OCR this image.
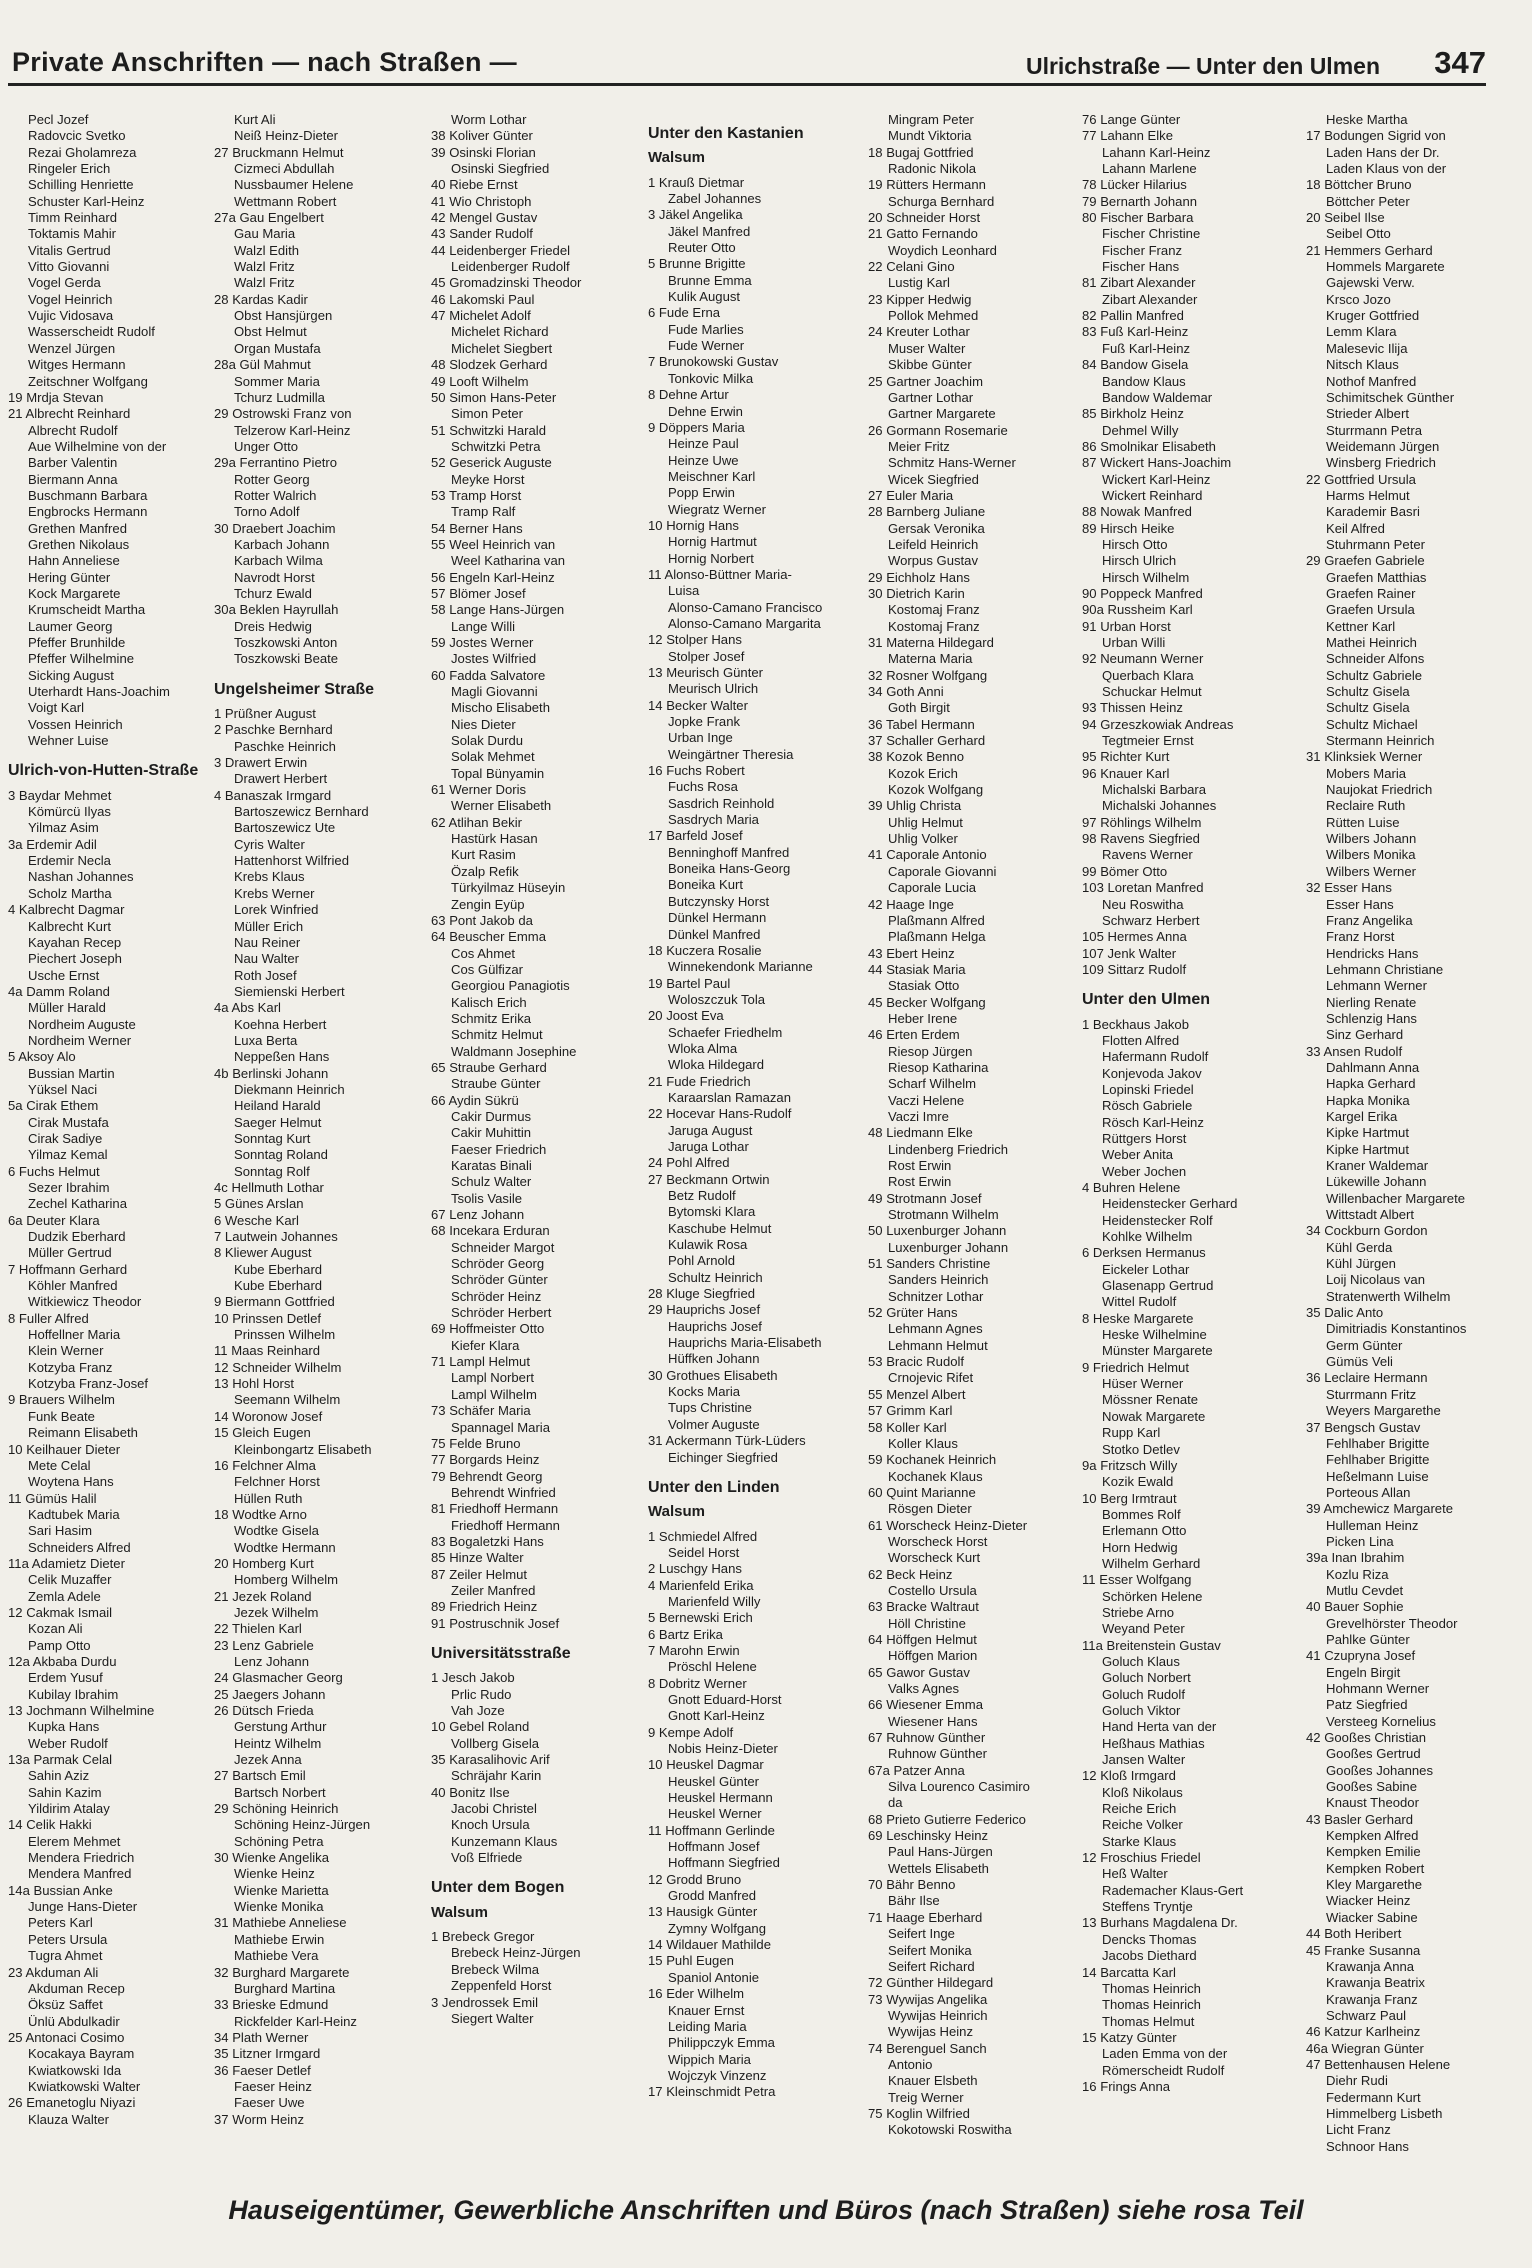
Private Anschriften — nach Straßen —	Ulrichstraße — Unter den Ulmen 347
Pecl Jozef
Radovcic Svetko
Rezai Gholamreza
Ringeler Erich
Schilling Henriette
Schuster Karl-Heinz
Timm Reinhard
Toktamis Mahir
Vitalis Gertrud
Vitto Giovanni
Vogel Gerda
Vogel Heinrich
Vujic Vidosava
Wasserscheidt Rudolf
Wenzel Jürgen
Witges Hermann
Zeitschner Wolfgang
19 Mrdja Stevan
21 Albrecht Reinhard
Albrecht Rudolf
Aue Wilhelmine von der
Barber Valentin
Biermann Anna
Buschmann Barbara
Engbrocks Hermann
Grethen Manfred
Grethen Nikolaus
Hahn Anneliese
Hering Günter
Kock Margarete
Krumscheidt Martha
Laumer Georg
Pfeffer Brunhilde
Pfeffer Wilhelmine
Sicking August
Uterhardt Hans-Joachim
Voigt Karl
Vossen Heinrich
Wehner Luise
Ulrich-von-Hutten-Straße
3 Baydar Mehmet
Kömürcü Ilyas
Yilmaz Asim
3a Erdemir Adil
Erdemir Necla
Nashan Johannes
Scholz Martha
4 Kalbrecht Dagmar
Kalbrecht Kurt
Kayahan Recep
Piechert Joseph
Usche Ernst
4a Damm Roland
Müller Harald
Nordheim Auguste
Nordheim Werner
5 Aksoy Alo
Bussian Martin
Yüksel Naci
5a Cirak Ethem
Cirak Mustafa
Cirak Sadiye
Yilmaz Kemal
6 Fuchs Helmut
Sezer Ibrahim
Zechel Katharina
6a Deuter Klara
Dudzik Eberhard
Müller Gertrud
7 Hoffmann Gerhard
Köhler Manfred
Witkiewicz Theodor
8 Fuller Alfred
Hoffellner Maria
Klein Werner
Kotzyba Franz
Kotzyba Franz-Josef
9 Brauers Wilhelm
Funk Beate
Reimann Elisabeth
10 Keilhauer Dieter
Mete Celal
Woytena Hans
11 Gümüs Halil
Kadtubek Maria
Sari Hasim
Schneiders Alfred
11a Adamietz Dieter
Celik Muzaffer
Zemla Adele
12 Cakmak Ismail
Kozan Ali
Pamp Otto
12a Akbaba Durdu
Erdem Yusuf
Kubilay Ibrahim
13 Jochmann Wilhelmine
Kupka Hans
Weber Rudolf
13a Parmak Celal
Sahin Aziz
Sahin Kazim
Yildirim Atalay
14 Celik Hakki
Elerem Mehmet
Mendera Friedrich
Mendera Manfred
14a Bussian Anke
Junge Hans-Dieter
Peters Karl
Peters Ursula
Tugra Ahmet
23 Akduman Ali
Akduman Recep
Öksüz Saffet
Ünlü Abdulkadir
25 Antonaci Cosimo
Kocakaya Bayram
Kwiatkowski Ida
Kwiatkowski Walter
26 Emanetoglu Niyazi
Klauza Walter
Kurt Ali
Neiß Heinz-Dieter
27 Bruckmann Helmut
Cizmeci Abdullah
Nussbaumer Helene
Wettmann Robert
27a Gau Engelbert
Gau Maria
Walzl Edith
Walzl Fritz
Walzl Fritz
28 Kardas Kadir
Obst Hansjürgen
Obst Helmut
Organ Mustafa
28a Gül Mahmut
Sommer Maria
Tchurz Ludmilla
29 Ostrowski Franz von
Telzerow Karl-Heinz
Unger Otto
29a Ferrantino Pietro
Rotter Georg
Rotter Walrich
Torno Adolf
30 Draebert Joachim
Karbach Johann
Karbach Wilma
Navrodt Horst
Tchurz Ewald
30a Beklen Hayrullah
Dreis Hedwig
Toszkowski Anton
Toszkowski Beate
Ungelsheimer Straße
1 Prüßner August
2 Paschke Bernhard
Paschke Heinrich
3 Drawert Erwin
Drawert Herbert
4 Banaszak Irmgard
Bartoszewicz Bernhard
Bartoszewicz Ute
Cyris Walter
Hattenhorst Wilfried
Krebs Klaus
Krebs Werner
Lorek Winfried
Müller Erich
Nau Reiner
Nau Walter
Roth Josef
Siemienski Herbert
4a Abs Karl
Koehna Herbert
Luxa Berta
Neppeßen Hans
4b Berlinski Johann
Diekmann Heinrich
Heiland Harald
Saeger Helmut
Sonntag Kurt
Sonntag Roland
Sonntag Rolf
4c Hellmuth Lothar
5 Günes Arslan
6 Wesche Karl
7 Lautwein Johannes
8 Kliewer August
Kube Eberhard
Kube Eberhard
9 Biermann Gottfried
10 Prinssen Detlef
Prinssen Wilhelm
11 Maas Reinhard
12 Schneider Wilhelm
13 Hohl Horst
Seemann Wilhelm
14 Woronow Josef
15 Gleich Eugen
Kleinbongartz Elisabeth
16 Felchner Alma
Felchner Horst
Hüllen Ruth
18 Wodtke Arno
Wodtke Gisela
Wodtke Hermann
20 Homberg Kurt
Homberg Wilhelm
21 Jezek Roland
Jezek Wilhelm
22 Thielen Karl
23 Lenz Gabriele
Lenz Johann
24 Glasmacher Georg
25 Jaegers Johann
26 Dütsch Frieda
Gerstung Arthur
Heintz Wilhelm
Jezek Anna
27 Bartsch Emil
Bartsch Norbert
29 Schöning Heinrich
Schöning Heinz-Jürgen
Schöning Petra
30 Wienke Angelika
Wienke Heinz
Wienke Marietta
Wienke Monika
31 Mathiebe Anneliese
Mathiebe Erwin
Mathiebe Vera
32 Burghard Margarete
Burghard Martina
33 Brieske Edmund
Rickfelder Karl-Heinz
34 Plath Werner
35 Litzner Irmgard
36 Faeser Detlef
Faeser Heinz
Faeser Uwe
37 Worm Heinz
Worm Lothar
38 Koliver Günter
39 Osinski Florian
Osinski Siegfried
40 Riebe Ernst
41 Wio Christoph
42 Mengel Gustav
43 Sander Rudolf
44 Leidenberger Friedel
Leidenberger Rudolf
45 Gromadzinski Theodor
46 Lakomski Paul
47 Michelet Adolf
Michelet Richard
Michelet Siegbert
48 Slodzek Gerhard
49 Looft Wilhelm
50 Simon Hans-Peter
Simon Peter
51 Schwitzki Harald
Schwitzki Petra
52 Geserick Auguste
Meyke Horst
53 Tramp Horst
Tramp Ralf
54 Berner Hans
55 Weel Heinrich van
Weel Katharina van
56 Engeln Karl-Heinz
57 Blömer Josef
58 Lange Hans-Jürgen
Lange Willi
59 Jostes Werner
Jostes Wilfried
60 Fadda Salvatore
Magli Giovanni
Mischo Elisabeth
Nies Dieter
Solak Durdu
Solak Mehmet
Topal Bünyamin
61 Werner Doris
Werner Elisabeth
62 Atlihan Bekir
Hastürk Hasan
Kurt Rasim
Özalp Refik
Türkyilmaz Hüseyin
Zengin Eyüp
63 Pont Jakob da
64 Beuscher Emma
Cos Ahmet
Cos Gülfizar
Georgiou Panagiotis
Kalisch Erich
Schmitz Erika
Schmitz Helmut
Waldmann Josephine
65 Straube Gerhard
Straube Günter
66 Aydin Sükrü
Cakir Durmus
Cakir Muhittin
Faeser Friedrich
Karatas Binali
Schulz Walter
Tsolis Vasile
67 Lenz Johann
68 Incekara Erduran
Schneider Margot
Schröder Georg
Schröder Günter
Schröder Heinz
Schröder Herbert
69 Hoffmeister Otto
Kiefer Klara
71 Lampl Helmut
Lampl Norbert
Lampl Wilhelm
73 Schäfer Maria
Spannagel Maria
75 Felde Bruno
77 Borgards Heinz
79 Behrendt Georg
Behrendt Winfried
81 Friedhoff Hermann
Friedhoff Hermann
83 Bogaletzki Hans
85 Hinze Walter
87 Zeiler Helmut
Zeiler Manfred
89 Friedrich Heinz
91 Postruschnik Josef
Universitätsstraße
1 Jesch Jakob
Prlic Rudo
Vah Joze
10 Gebel Roland
Vollberg Gisela
35 Karasalihovic Arif
Schräjahr Karin
40 Bonitz Ilse
Jacobi Christel
Knoch Ursula
Kunzemann Klaus
Voß Elfriede
Unter dem Bogen
Walsum
1 Brebeck Gregor
Brebeck Heinz-Jürgen
Brebeck Wilma
Zeppenfeld Horst
3 Jendrossek Emil
Siegert Walter
Unter den Kastanien
Walsum
1 Krauß Dietmar
Zabel Johannes
3 Jäkel Angelika
Jäkel Manfred
Reuter Otto
5 Brunne Brigitte
Brunne Emma
Kulik August
6 Fude Erna
Fude Marlies
Fude Werner
7 Brunokowski Gustav
Tonkovic Milka
8 Dehne Artur
Dehne Erwin
9 Döppers Maria
Heinze Paul
Heinze Uwe
Meischner Karl
Popp Erwin
Wiegratz Werner
10 Hornig Hans
Hornig Hartmut
Hornig Norbert
11 Alonso-Büttner Maria-
Luisa
Alonso-Camano Francisco
Alonso-Camano Margarita
12 Stolper Hans
Stolper Josef
13 Meurisch Günter
Meurisch Ulrich
14 Becker Walter
Jopke Frank
Urban Inge
Weingärtner Theresia
16 Fuchs Robert
Fuchs Rosa
Sasdrich Reinhold
Sasdrych Maria
17 Barfeld Josef
Benninghoff Manfred
Boneika Hans-Georg
Boneika Kurt
Butczynsky Horst
Dünkel Hermann
Dünkel Manfred
18 Kuczera Rosalie
Winnekendonk Marianne
19 Bartel Paul
Woloszczuk Tola
20 Joost Eva
Schaefer Friedhelm
Wloka Alma
Wloka Hildegard
21 Fudе Friedrich
Karaarslan Ramazan
22 Hocevar Hans-Rudolf
Jarugа August
Jaruga Lothar
24 Pohl Alfred
27 Beckmann Ortwin
Betz Rudolf
Bytomski Klara
Kaschube Helmut
Kulawik Rosa
Pohl Arnold
Schultz Heinrich
28 Kluge Siegfried
29 Hauprichs Josef
Hauprichs Josef
Hauprichs Maria-Elisabeth
Hüffken Johann
30 Grothues Elisabeth
Kocks Maria
Tups Christine
Volmer Auguste
31 Ackermann Türk-Lüders
Eichinger Siegfried
Unter den Linden
Walsum
1 Schmiedel Alfred
Seidel Horst
2 Luschgy Hans
4 Marienfeld Erika
Marienfeld Willy
5 Bernewski Erich
6 Bartz Erika
7 Marohn Erwin
Pröschl Helene
8 Dobritz Werner
Gnott Eduard-Horst
Gnott Karl-Heinz
9 Kempe Adolf
Nobis Heinz-Dieter
10 Heuskel Dagmar
Heuskel Günter
Heuskel Hermann
Heuskel Werner
11 Hoffmann Gerlinde
Hoffmann Josef
Hoffmann Siegfried
12 Grodd Bruno
Grodd Manfred
13 Hausigk Günter
Zymny Wolfgang
14 Wildauer Mathilde
15 Puhl Eugen
Spaniol Antonie
16 Eder Wilhelm
Knauer Ernst
Leiding Maria
Philippczyk Emma
Wippich Maria
Wojczyk Vinzenz
17 Kleinschmidt Petra
Mingram Peter
Mundt Viktoria
18 Bugaj Gottfried
Radonic Nikola
19 Rütters Hermann
Schurga Bernhard
20 Schneider Horst
21 Gatto Fernando
Woydich Leonhard
22 Celani Gino
Lustig Karl
23 Kipper Hedwig
Pollok Mehmed
24 Kreuter Lothar
Muser Walter
Skibbe Günter
25 Gartner Joachim
Gartner Lothar
Gartner Margarete
26 Gormann Rosemarie
Meier Fritz
Schmitz Hans-Werner
Wicek Siegfried
27 Euler Maria
28 Barnberg Juliane
Gersak Veronika
Leifeld Heinrich
Worpus Gustav
29 Eichholz Hans
30 Dietrich Karin
Kostomaj Franz
Kostomaj Franz
31 Materna Hildegard
Materna Maria
32 Rosner Wolfgang
34 Goth Anni
Goth Birgit
36 Tabel Hermann
37 Schaller Gerhard
38 Kozok Benno
Kozok Erich
Kozok Wolfgang
39 Uhlig Christa
Uhlig Helmut
Uhlig Volker
41 Caporale Antonio
Caporale Giovanni
Caporale Lucia
42 Haage Inge
Plaßmann Alfred
Plaßmann Helga
43 Ebert Heinz
44 Stasiak Maria
Stasiak Otto
45 Becker Wolfgang
Heber Irene
46 Erten Erdem
Riesop Jürgen
Riesop Katharina
Scharf Wilhelm
Vaczi Helene
Vaczi Imre
48 Liedmann Elke
Lindenberg Friedrich
Rost Erwin
Rost Erwin
49 Strotmann Josef
Strotmann Wilhelm
50 Luxenburger Johann
Luxenburger Johann
51 Sanders Christine
Sanders Heinrich
Schnitzer Lothar
52 Grüter Hans
Lehmann Agnes
Lehmann Helmut
53 Bracic Rudolf
Crnojevic Rifet
55 Menzel Albert
57 Grimm Karl
58 Koller Karl
Koller Klaus
59 Kochanek Heinrich
Kochanek Klaus
60 Quint Marianne
Rösgen Dieter
61 Worscheck Heinz-Dieter
Worscheck Horst
Worscheck Kurt
62 Beck Heinz
Costello Ursula
63 Bracke Waltraut
Höll Christine
64 Höffgen Helmut
Höffgen Marion
65 Gawor Gustav
Valks Agnes
66 Wiesener Emma
Wiesener Hans
67 Ruhnow Günther
Ruhnow Günther
67a Patzer Anna
Silva Lourenco Casimiro
da
68 Prieto Gutierre Federico
69 Leschinsky Heinz
Paul Hans-Jürgen
Wettels Elisabeth
70 Bähr Benno
Bähr Ilse
71 Haage Eberhard
Seifert Inge
Seifert Monika
Seifert Richard
72 Günther Hildegard
73 Wywijas Angelika
Wywijas Heinrich
Wywijas Heinz
74 Berenguel Sanch
Antonio
Knauer Elsbeth
Treig Werner
75 Koglin Wilfried
Kokotowski Roswitha
76 Lange Günter
77 Lahann Elke
Lahann Karl-Heinz
Lahann Marlene
78 Lücker Hilarius
79 Bernarth Johann
80 Fischer Barbara
Fischer Christine
Fischer Franz
Fischer Hans
81 Zibart Alexander
Zibart Alexander
82 Pallin Manfred
83 Fuß Karl-Heinz
Fuß Karl-Heinz
84 Bandow Gisela
Bandow Klaus
Bandow Waldemar
85 Birkholz Heinz
Dehmel Willy
86 Smolnikar Elisabeth
87 Wickert Hans-Joachim
Wickert Karl-Heinz
Wickert Reinhard
88 Nowak Manfred
89 Hirsch Heike
Hirsch Otto
Hirsch Ulrich
Hirsch Wilhelm
90 Poppeck Manfred
90a Russheim Karl
91 Urban Horst
Urban Willi
92 Neumann Werner
Querbach Klara
Schuckar Helmut
93 Thissen Heinz
94 Grzeszkowiak Andreas
Tegtmeier Ernst
95 Richter Kurt
96 Knauer Karl
Michalski Barbara
Michalski Johannes
97 Röhlings Wilhelm
98 Ravens Siegfried
Ravens Werner
99 Bömer Otto
103 Loretan Manfred
Neu Roswitha
Schwarz Herbert
105 Hermes Anna
107 Jenk Walter
109 Sittarz Rudolf
Unter den Ulmen
1 Beckhaus Jakob
Flotten Alfred
Hafermann Rudolf
Konjevoda Jakov
Lopinski Friedel
Rösch Gabriele
Rösch Karl-Heinz
Rüttgers Horst
Weber Anita
Weber Jochen
4 Buhren Helene
Heidenstecker Gerhard
Heidenstecker Rolf
Kohlke Wilhelm
6 Derksen Hermanus
Eickeler Lothar
Glasenapp Gertrud
Wittel Rudolf
8 Heske Margarete
Heske Wilhelmine
Münster Margarete
9 Friedrich Helmut
Hüser Werner
Mössner Renate
Nowak Margarete
Rupp Karl
Stotko Detlev
9a Fritzsch Willy
Kozik Ewald
10 Berg Irmtraut
Bommes Rolf
Erlemann Otto
Horn Hedwig
Wilhelm Gerhard
11 Esser Wolfgang
Schörken Helene
Striebe Arno
Weyand Peter
11a Breitenstein Gustav
Goluch Klaus
Goluch Norbert
Goluch Rudolf
Goluch Viktor
Hand Herta van der
Heßhaus Mathias
Jansen Walter
12 Kloß Irmgard
Kloß Nikolaus
Reiche Erich
Reiche Volker
Starke Klaus
12 Froschius Friedel
Heß Walter
Rademacher Klaus-Gert
Steffens Tryntje
13 Burhans Magdalena Dr.
Dencks Thomas
Jacobs Diethard
14 Barcatta Karl
Thomas Heinrich
Thomas Heinrich
Thomas Helmut
15 Katzy Günter
Laden Emma von der
Römerscheidt Rudolf
16 Frings Anna
Heske Martha
17 Bodungen Sigrid von
Laden Hans der Dr.
Laden Klaus von der
18 Böttcher Bruno
Böttcher Peter
20 Seibel Ilse
Seibel Otto
21 Hemmers Gerhard
Hommels Margarete
Gajewski Verw.
Krsco Jozo
Kruger Gottfried
Lemm Klara
Malesevic Ilija
Nitsch Klaus
Nothof Manfred
Schimitschek Günther
Strieder Albert
Sturrmann Petra
Weidemann Jürgen
Winsberg Friedrich
22 Gottfried Ursula
Harms Helmut
Karademir Basri
Keil Alfred
Stuhrmann Peter
29 Graefen Gabriele
Graefen Matthias
Graefen Rainer
Graefen Ursula
Kettner Karl
Mathei Heinrich
Schneider Alfons
Schultz Gabriele
Schultz Gisela
Schultz Gisela
Schultz Michael
Stermann Heinrich
31 Klinksiek Werner
Mobers Maria
Naujokat Friedrich
Reclaire Ruth
Rütten Luise
Wilbers Johann
Wilbers Monika
Wilbers Werner
32 Esser Hans
Esser Hans
Franz Angelika
Franz Horst
Hendricks Hans
Lehmann Christiane
Lehmann Werner
Nierling Renate
Schlenzig Hans
Sinz Gerhard
33 Ansen Rudolf
Dahlmann Anna
Hapka Gerhard
Hapka Monika
Kargel Erika
Kipke Hartmut
Kipke Hartmut
Kraner Waldemar
Lükewille Johann
Willenbacher Margarete
Wittstadt Albert
34 Cockburn Gordon
Kühl Gerda
Kühl Jürgen
Loij Nicolaus van
Stratenwerth Wilhelm
35 Dalic Anto
Dimitriadis Konstantinos
Germ Günter
Gümüs Veli
36 Leclaire Hermann
Sturrmann Fritz
Weyers Margarethe
37 Bengsch Gustav
Fehlhaber Brigitte
Fehlhaber Brigitte
Heßelmann Luise
Porteous Allan
39 Amchewicz Margarete
Hulleman Heinz
Picken Lina
39a Inan Ibrahim
Kozlu Riza
Mutlu Cevdet
40 Bauer Sophie
Grevelhörster Theodor
Pahlke Günter
41 Czupryna Josef
Engeln Birgit
Hohmann Werner
Patz Siegfried
Versteeg Kornelius
42 Gooßes Christian
Gooßes Gertrud
Gooßes Johannes
Gooßes Sabine
Knaust Theodor
43 Basler Gerhard
Kempken Alfred
Kempken Emilie
Kempken Robert
Kley Margarethe
Wiacker Heinz
Wiacker Sabine
44 Both Heribert
45 Franke Susanna
Krawanja Anna
Krawanja Beatrix
Krawanja Franz
Schwarz Paul
46 Katzur Karlheinz
46a Wiegran Günter
47 Bettenhausen Helene
Diehr Rudi
Federmann Kurt
Himmelberg Lisbeth
Licht Franz
Schnoor Hans
Hauseigentümer, Gewerbliche Anschriften und Büros (nach Straßen) siehe rosa Teil
